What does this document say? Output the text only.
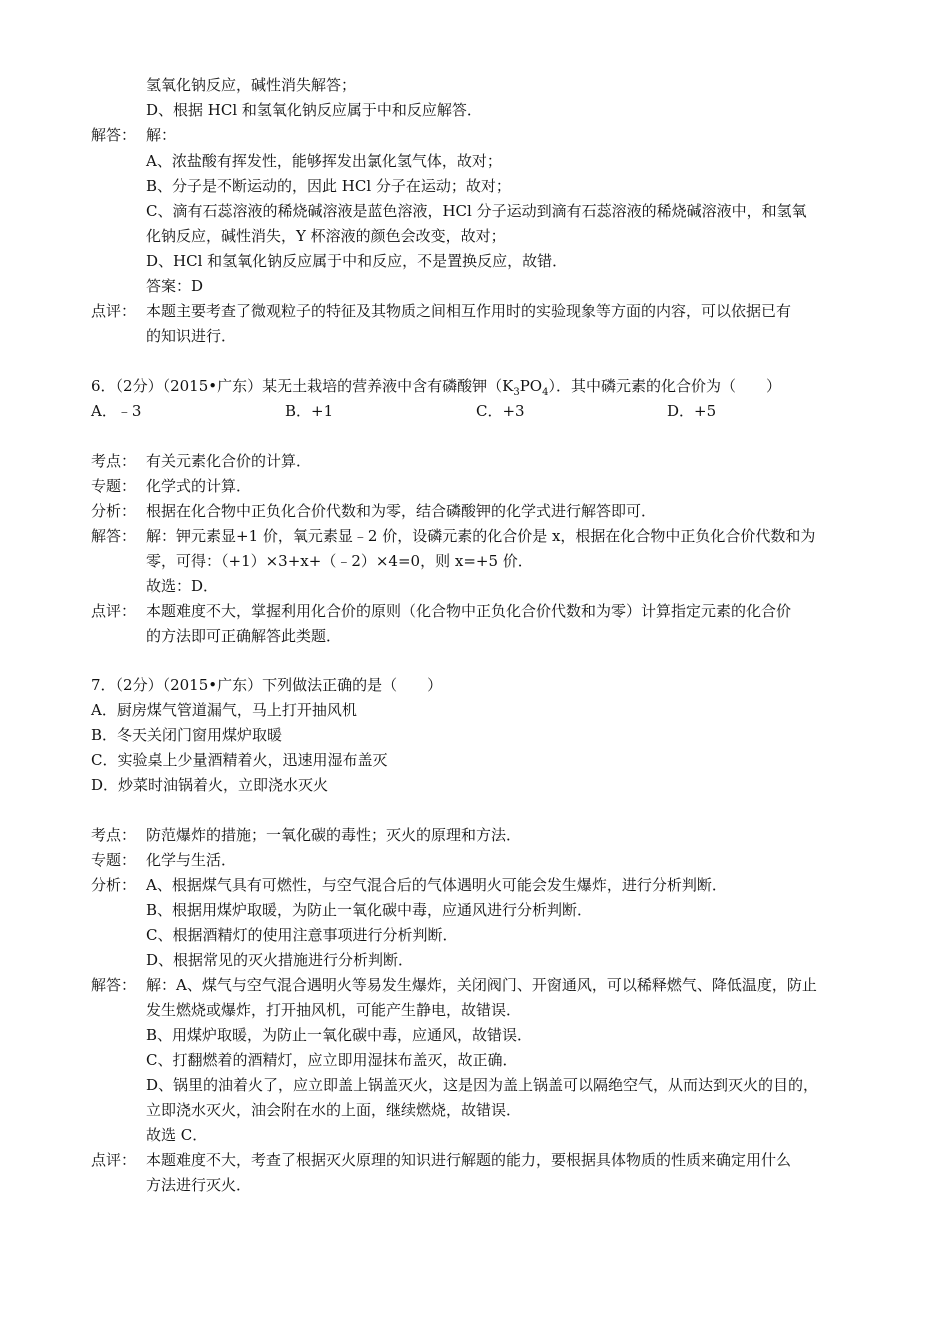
氢氧化钠反应，碱性消失解答；
D、根据 HCl 和氢氧化钠反应属于中和反应解答．
解答： 解：
A、浓盐酸有挥发性，能够挥发出氯化氢气体，故对；
B、分子是不断运动的，因此 HCl 分子在运动；故对；
C、滴有石蕊溶液的稀烧碱溶液是蓝色溶液，HCl 分子运动到滴有石蕊溶液的稀烧碱溶液中，和氢氧
化钠反应，碱性消失，Y 杯溶液的颜色会改变，故对；
D、HCl 和氢氧化钠反应属于中和反应，不是置换反应，故错．
答案：D
点评： 本题主要考查了微观粒子的特征及其物质之间相互作用时的实验现象等方面的内容，可以依据已有
的知识进行．
6．（2分）（2015•广东）某无土栽培的营养液中含有磷酸钾$(K_3PO_4)$．其中磷元素的化合价为（　　）
A．﹣3	B．+1	C．+3	D．+5
考点： 有关元素化合价的计算．
专题： 化学式的计算．
分析： 根据在化合物中正负化合价代数和为零，结合磷酸钾的化学式进行解答即可．
解答： 解：钾元素显+1 价，氧元素显﹣2 价，设磷元素的化合价是 x，根据在化合物中正负化合价代数和为
零，可得：（+1）×3+x+（﹣2）×4=0，则 x=+5 价．
故选：D．
点评： 本题难度不大，掌握利用化合价的原则（化合物中正负化合价代数和为零）计算指定元素的化合价
的方法即可正确解答此类题．
7．（2分）（2015•广东）下列做法正确的是（　　）
A．厨房煤气管道漏气，马上打开抽风机
B．冬天关闭门窗用煤炉取暖
C．实验桌上少量酒精着火，迅速用湿布盖灭
D．炒菜时油锅着火，立即浇水灭火
考点： 防范爆炸的措施；一氧化碳的毒性；灭火的原理和方法．
专题： 化学与生活．
分析： A、根据煤气具有可燃性，与空气混合后的气体遇明火可能会发生爆炸，进行分析判断．
B、根据用煤炉取暖，为防止一氧化碳中毒，应通风进行分析判断．
C、根据酒精灯的使用注意事项进行分析判断．
D、根据常见的灭火措施进行分析判断．
解答： 解：A、煤气与空气混合遇明火等易发生爆炸，关闭阀门、开窗通风，可以稀释燃气、降低温度，防止
发生燃烧或爆炸，打开抽风机，可能产生静电，故错误．
B、用煤炉取暖，为防止一氧化碳中毒，应通风，故错误．
C、打翻燃着的酒精灯，应立即用湿抹布盖灭，故正确．
D、锅里的油着火了，应立即盖上锅盖灭火，这是因为盖上锅盖可以隔绝空气，从而达到灭火的目的，
立即浇水灭火，油会附在水的上面，继续燃烧，故错误．
故选 C．
点评： 本题难度不大，考查了根据灭火原理的知识进行解题的能力，要根据具体物质的性质来确定用什么
方法进行灭火．
